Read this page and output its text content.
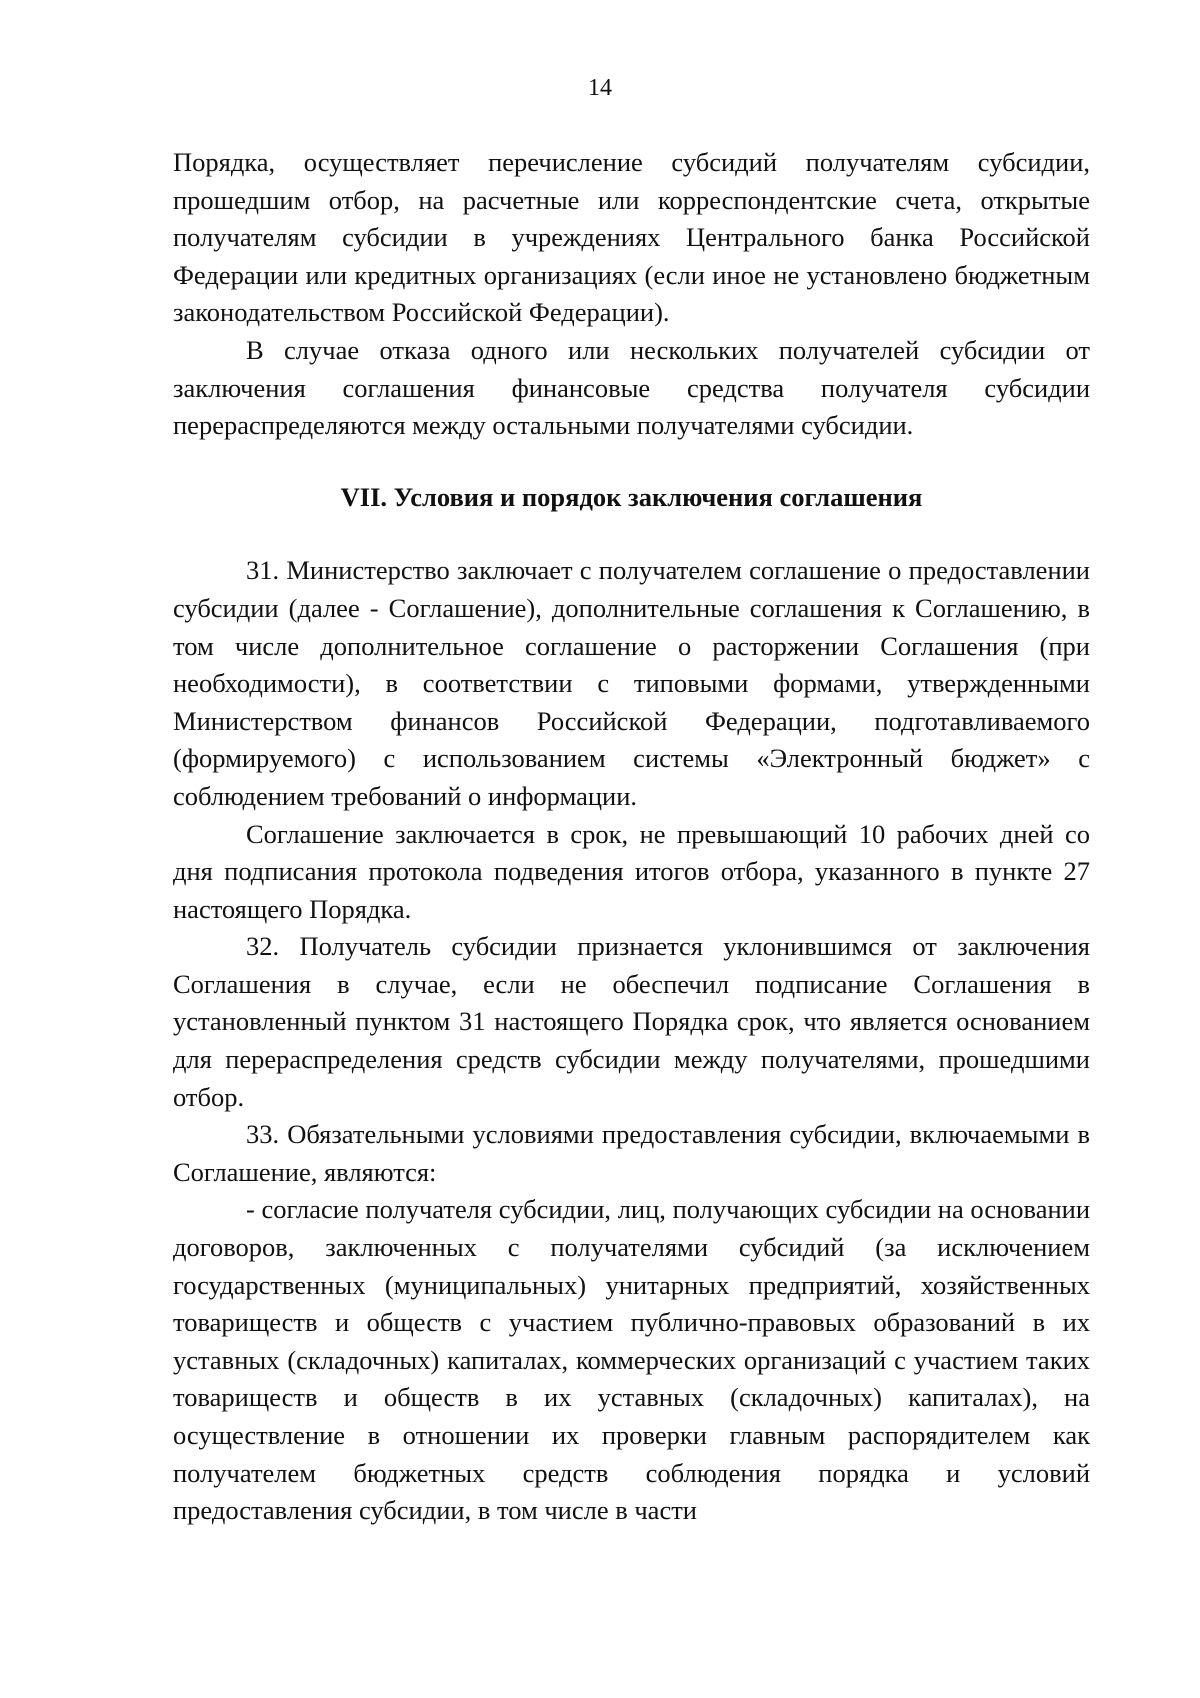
14

Порядка, осуществляет перечисление субсидий получателям субсидии, прошедшим отбор, на расчетные или корреспондентские счета, открытые получателям субсидии в учреждениях Центрального банка Российской Федерации или кредитных организациях (если иное не установлено бюджетным законодательством Российской Федерации).

В случае отказа одного или нескольких получателей субсидии от заключения соглашения финансовые средства получателя субсидии перераспределяются между остальными получателями субсидии.

VII. Условия и порядок заключения соглашения

31. Министерство заключает с получателем соглашение о предоставлении субсидии (далее - Соглашение), дополнительные соглашения к Соглашению, в том числе дополнительное соглашение о расторжении Соглашения (при необходимости), в соответствии с типовыми формами, утвержденными Министерством финансов Российской Федерации, подготавливаемого (формируемого) с использованием системы «Электронный бюджет» с соблюдением требований о информации.

Соглашение заключается в срок, не превышающий 10 рабочих дней со дня подписания протокола подведения итогов отбора, указанного в пункте 27 настоящего Порядка.

32. Получатель субсидии признается уклонившимся от заключения Соглашения в случае, если не обеспечил подписание Соглашения в установленный пунктом 31 настоящего Порядка срок, что является основанием для перераспределения средств субсидии между получателями, прошедшими отбор.

33. Обязательными условиями предоставления субсидии, включаемыми в Соглашение, являются:

- согласие получателя субсидии, лиц, получающих субсидии на основании договоров, заключенных с получателями субсидий (за исключением государственных (муниципальных) унитарных предприятий, хозяйственных товариществ и обществ с участием публично-правовых образований в их уставных (складочных) капиталах, коммерческих организаций с участием таких товариществ и обществ в их уставных (складочных) капиталах), на осуществление в отношении их проверки главным распорядителем как получателем бюджетных средств соблюдения порядка и условий предоставления субсидии, в том числе в части
